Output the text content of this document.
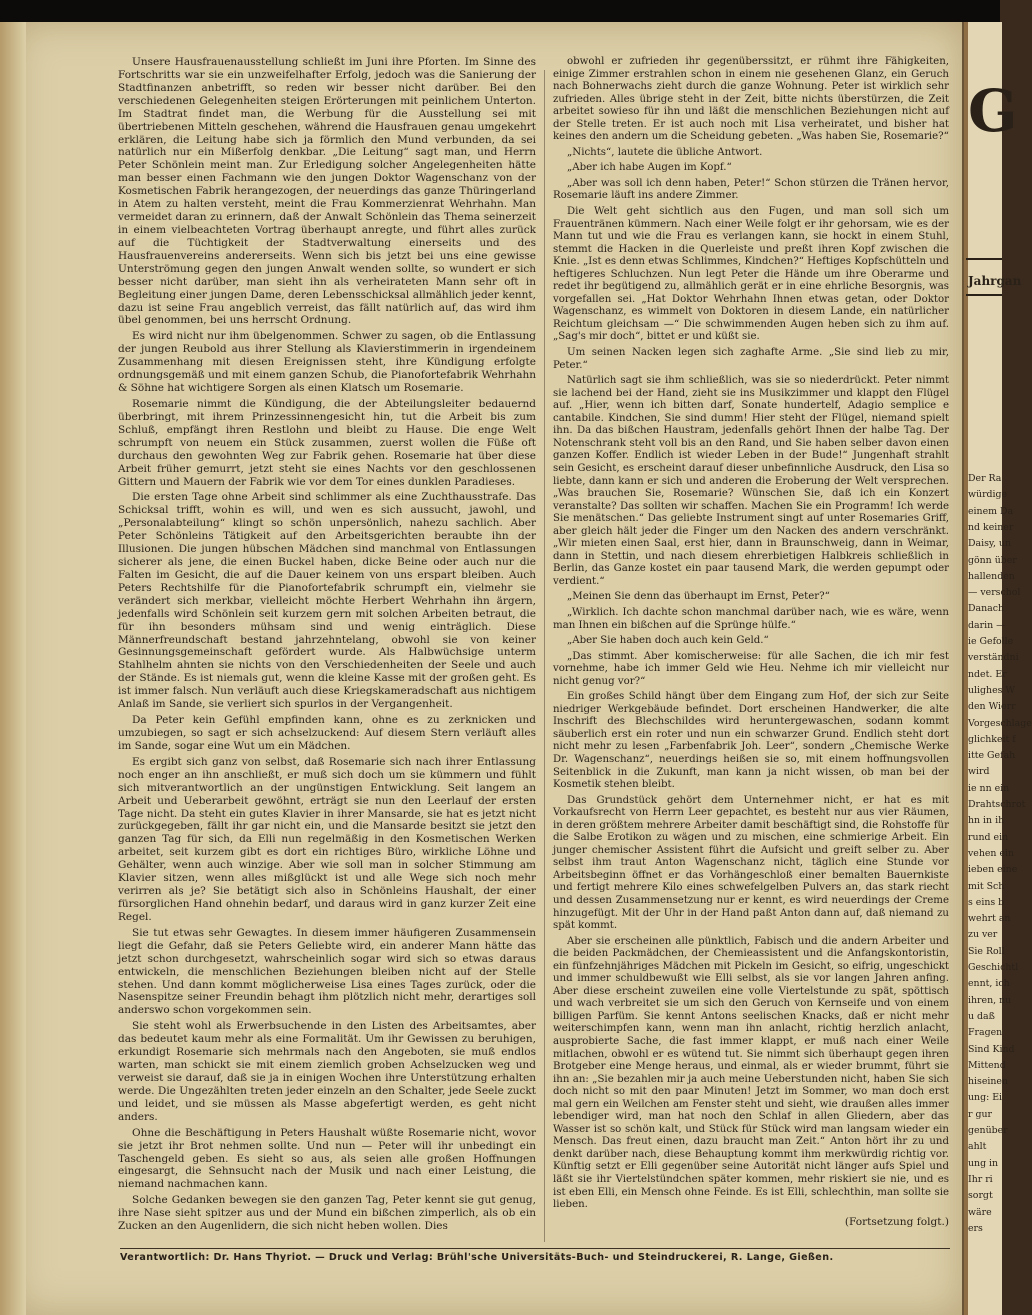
Unsere Hausfrauenausstellung schließt im Juni ihre Pforten. Im Sinne des Fortschritts war sie ein unzweifelhafter Erfolg, jedoch was die Sanierung der Stadtfinanzen anbetrifft, so reden wir besser nicht darüber. Bei den verschiedenen Gelegenheiten steigen Erörterungen mit peinlichem Unterton. Im Stadtrat findet man, die Werbung für die Ausstellung sei mit übertriebenen Mitteln geschehen, während die Hausfrauen genau umgekehrt erklären, die Leitung habe sich ja förmlich den Mund verbunden, da sei natürlich nur ein Mißerfolg denkbar. „Die Leitung“ sagt man, und Herrn Peter Schönlein meint man. Zur Erledigung solcher Angelegenheiten hätte man besser einen Fachmann wie den jungen Doktor Wagenschanz von der Kosmetischen Fabrik herangezogen, der neuerdings das ganze Thüringerland in Atem zu halten versteht, meint die Frau Kommerzienrat Wehrhahn. Man vermeidet daran zu erinnern, daß der Anwalt Schönlein das Thema seinerzeit in einem vielbeachteten Vortrag überhaupt anregte, und führt alles zurück auf die Tüchtigkeit der Stadtverwaltung einerseits und des Hausfrauenvereins andererseits. Wenn sich bis jetzt bei uns eine gewisse Unterströmung gegen den jungen Anwalt wenden sollte, so wundert er sich besser nicht darüber, man sieht ihn als verheirateten Mann sehr oft in Begleitung einer jungen Dame, deren Lebensschicksal allmählich jeder kennt, dazu ist seine Frau angeblich verreist, das fällt natürlich auf, das wird ihm übel genommen, bei uns herrscht Ordnung.

Es wird nicht nur ihm übelgenommen. Schwer zu sagen, ob die Entlassung der jungen Reubold aus ihrer Stellung als Klavierstimmerin in irgendeinem Zusammenhang mit diesen Ereignissen steht, ihre Kündigung erfolgte ordnungsgemäß und mit einem ganzen Schub, die Pianofortefabrik Wehrhahn & Söhne hat wichtigere Sorgen als einen Klatsch um Rosemarie.

Rosemarie nimmt die Kündigung, die der Abteilungsleiter bedauernd überbringt, mit ihrem Prinzessinnengesicht hin, tut die Arbeit bis zum Schluß, empfängt ihren Restlohn und bleibt zu Hause. Die enge Welt schrumpft von neuem ein Stück zusammen, zuerst wollen die Füße oft durchaus den gewohnten Weg zur Fabrik gehen. Rosemarie hat über diese Arbeit früher gemurrt, jetzt steht sie eines Nachts vor den geschlossenen Gittern und Mauern der Fabrik wie vor dem Tor eines dunklen Paradieses.

Die ersten Tage ohne Arbeit sind schlimmer als eine Zuchthausstrafe. Das Schicksal trifft, wohin es will, und wen es sich aussucht, jawohl, und „Personalabteilung“ klingt so schön unpersönlich, nahezu sachlich. Aber Peter Schönleins Tätigkeit auf den Arbeitsgerichten beraubte ihn der Illusionen. Die jungen hübschen Mädchen sind manchmal von Entlassungen sicherer als jene, die einen Buckel haben, dicke Beine oder auch nur die Falten im Gesicht, die auf die Dauer keinem von uns erspart bleiben. Auch Peters Rechtshilfe für die Pianofortefabrik schrumpft ein, vielmehr sie verändert sich merkbar, vielleicht möchte Herbert Wehrhahn ihn ärgern, jedenfalls wird Schönlein seit kurzem gern mit solchen Arbeiten betraut, die für ihn besonders mühsam sind und wenig einträglich. Diese Männerfreundschaft bestand jahrzehntelang, obwohl sie von keiner Gesinnungsgemeinschaft gefördert wurde. Als Halbwüchsige unterm Stahlhelm ahnten sie nichts von den Verschiedenheiten der Seele und auch der Stände. Es ist niemals gut, wenn die kleine Kasse mit der großen geht. Es ist immer falsch. Nun verläuft auch diese Kriegskameradschaft aus nichtigem Anlaß im Sande, sie verliert sich spurlos in der Vergangenheit.

Da Peter kein Gefühl empfinden kann, ohne es zu zerknicken und umzubiegen, so sagt er sich achselzuckend: Auf diesem Stern verläuft alles im Sande, sogar eine Wut um ein Mädchen.

Es ergibt sich ganz von selbst, daß Rosemarie sich nach ihrer Entlassung noch enger an ihn anschließt, er muß sich doch um sie kümmern und fühlt sich mitverantwortlich an der ungünstigen Entwicklung. Seit langem an Arbeit und Ueberarbeit gewöhnt, erträgt sie nun den Leerlauf der ersten Tage nicht. Da steht ein gutes Klavier in ihrer Mansarde, sie hat es jetzt nicht zurückgegeben, fällt ihr gar nicht ein, und die Mansarde besitzt sie jetzt den ganzen Tag für sich, da Elli nun regelmäßig in den Kosmetischen Werken arbeitet, seit kurzem gibt es dort ein richtiges Büro, wirkliche Löhne und Gehälter, wenn auch winzige. Aber wie soll man in solcher Stimmung am Klavier sitzen, wenn alles mißglückt ist und alle Wege sich noch mehr verirren als je? Sie betätigt sich also in Schönleins Haushalt, der einer fürsorglichen Hand ohnehin bedarf, und daraus wird in ganz kurzer Zeit eine Regel.

Sie tut etwas sehr Gewagtes. In diesem immer häufigeren Zusammensein liegt die Gefahr, daß sie Peters Geliebte wird, ein anderer Mann hätte das jetzt schon durchgesetzt, wahrscheinlich sogar wird sich so etwas daraus entwickeln, die menschlichen Beziehungen bleiben nicht auf der Stelle stehen. Und dann kommt möglicherweise Lisa eines Tages zurück, oder die Nasenspitze seiner Freundin behagt ihm plötzlich nicht mehr, derartiges soll anderswo schon vorgekommen sein.

Sie steht wohl als Erwerbsuchende in den Listen des Arbeitsamtes, aber das bedeutet kaum mehr als eine Formalität. Um ihr Gewissen zu beruhigen, erkundigt Rosemarie sich mehrmals nach den Angeboten, sie muß endlos warten, man schickt sie mit einem ziemlich groben Achselzucken weg und verweist sie darauf, daß sie ja in einigen Wochen ihre Unterstützung erhalten werde. Die Ungezählten treten jeder einzeln an den Schalter, jede Seele zuckt und leidet, und sie müssen als Masse abgefertigt werden, es geht nicht anders.

Ohne die Beschäftigung in Peters Haushalt wüßte Rosemarie nicht, wovor sie jetzt ihr Brot nehmen sollte. Und nun — Peter will ihr unbedingt ein Taschengeld geben. Es sieht so aus, als seien alle großen Hoffnungen eingesargt, die Sehnsucht nach der Musik und nach einer Leistung, die niemand nachmachen kann.

Solche Gedanken bewegen sie den ganzen Tag, Peter kennt sie gut genug, ihre Nase sieht spitzer aus und der Mund ein bißchen zimperlich, als ob ein Zucken an den Augenlidern, die sich nicht heben wollen. Dies

obwohl er zufrieden ihr gegenüberssitzt, er rühmt ihre Fähigkeiten, einige Zimmer erstrahlen schon in einem nie gesehenen Glanz, ein Geruch nach Bohnerwachs zieht durch die ganze Wohnung. Peter ist wirklich sehr zufrieden. Alles übrige steht in der Zeit, bitte nichts überstürzen, die Zeit arbeitet sowieso für ihn und läßt die menschlichen Beziehungen nicht auf der Stelle treten. Er ist auch noch mit Lisa verheiratet, und bisher hat keines den andern um die Scheidung gebeten. „Was haben Sie, Rosemarie?“

„Nichts“, lautete die übliche Antwort.

„Aber ich habe Augen im Kopf.“

„Aber was soll ich denn haben, Peter!“ Schon stürzen die Tränen hervor, Rosemarie läuft ins andere Zimmer.

Die Welt geht sichtlich aus den Fugen, und man soll sich um Frauentränen kümmern. Nach einer Weile folgt er ihr gehorsam, wie es der Mann tut und wie die Frau es verlangen kann, sie hockt in einem Stuhl, stemmt die Hacken in die Querleiste und preßt ihren Kopf zwischen die Knie. „Ist es denn etwas Schlimmes, Kindchen?“ Heftiges Kopfschütteln und heftigeres Schluchzen. Nun legt Peter die Hände um ihre Oberarme und redet ihr begütigend zu, allmählich gerät er in eine ehrliche Besorgnis, was vorgefallen sei. „Hat Doktor Wehrhahn Ihnen etwas getan, oder Doktor Wagenschanz, es wimmelt von Doktoren in diesem Lande, ein natürlicher Reichtum gleichsam —“ Die schwimmenden Augen heben sich zu ihm auf. „Sag's mir doch“, bittet er und küßt sie.

Um seinen Nacken legen sich zaghafte Arme. „Sie sind lieb zu mir, Peter.“

Natürlich sagt sie ihm schließlich, was sie so niederdrückt. Peter nimmt sie lachend bei der Hand, zieht sie ins Musikzimmer und klappt den Flügel auf. „Hier, wenn ich bitten darf, Sonate hundertelf, Adagio semplice e cantabile. Kindchen, Sie sind dumm! Hier steht der Flügel, niemand spielt ihn. Da das bißchen Haustram, jedenfalls gehört Ihnen der halbe Tag. Der Notenschrank steht voll bis an den Rand, und Sie haben selber davon einen ganzen Koffer. Endlich ist wieder Leben in der Bude!“ Jungenhaft strahlt sein Gesicht, es erscheint darauf dieser unbefinnliche Ausdruck, den Lisa so liebte, dann kann er sich und anderen die Eroberung der Welt versprechen. „Was brauchen Sie, Rosemarie? Wünschen Sie, daß ich ein Konzert veranstalte? Das sollten wir schaffen. Machen Sie ein Programm! Ich werde Sie menätschen.“ Das geliebte Instrument singt auf unter Rosemaries Griff, aber gleich hält jeder die Finger um den Nacken des andern verschränkt. „Wir mieten einen Saal, erst hier, dann in Braunschweig, dann in Weimar, dann in Stettin, und nach diesem ehrerbietigen Halbkreis schließlich in Berlin, das Ganze kostet ein paar tausend Mark, die werden gepumpt oder verdient.“

„Meinen Sie denn das überhaupt im Ernst, Peter?“

„Wirklich. Ich dachte schon manchmal darüber nach, wie es wäre, wenn man Ihnen ein bißchen auf die Sprünge hülfe.“

„Aber Sie haben doch auch kein Geld.“

„Das stimmt. Aber komischerweise: für alle Sachen, die ich mir fest vornehme, habe ich immer Geld wie Heu. Nehme ich mir vielleicht nur nicht genug vor?“

Ein großes Schild hängt über dem Eingang zum Hof, der sich zur Seite niedriger Werkgebäude befindet. Dort erscheinen Handwerker, die alte Inschrift des Blechschildes wird heruntergewaschen, sodann kommt säuberlich erst ein roter und nun ein schwarzer Grund. Endlich steht dort nicht mehr zu lesen „Farbenfabrik Joh. Leer“, sondern „Chemische Werke Dr. Wagenschanz“, neuerdings heißen sie so, mit einem hoffnungsvollen Seitenblick in die Zukunft, man kann ja nicht wissen, ob man bei der Kosmetik stehen bleibt.

Das Grundstück gehört dem Unternehmer nicht, er hat es mit Vorkaufsrecht von Herrn Leer gepachtet, es besteht nur aus vier Räumen, in deren größtem mehrere Arbeiter damit beschäftigt sind, die Rohstoffe für die Salbe Erotikon zu wägen und zu mischen, eine schmierige Arbeit. Ein junger chemischer Assistent führt die Aufsicht und greift selber zu. Aber selbst ihm traut Anton Wagenschanz nicht, täglich eine Stunde vor Arbeitsbeginn öffnet er das Vorhängeschloß einer bemalten Bauernkiste und fertigt mehrere Kilo eines schwefelgelben Pulvers an, das stark riecht und dessen Zusammensetzung nur er kennt, es wird neuerdings der Creme hinzugefügt. Mit der Uhr in der Hand paßt Anton dann auf, daß niemand zu spät kommt.

Aber sie erscheinen alle pünktlich, Fabisch und die andern Arbeiter und die beiden Packmädchen, der Chemieassistent und die Anfangskontoristin, ein fünfzehnjähriges Mädchen mit Pickeln im Gesicht, so eifrig, ungeschickt und immer schuldbewußt wie Elli selbst, als sie vor langen Jahren anfing. Aber diese erscheint zuweilen eine volle Viertelstunde zu spät, spöttisch und wach verbreitet sie um sich den Geruch von Kernseife und von einem billigen Parfüm. Sie kennt Antons seelischen Knacks, daß er nicht mehr weiterschimpfen kann, wenn man ihn anlacht, richtig herzlich anlacht, ausprobierte Sache, die fast immer klappt, er muß nach einer Weile mitlachen, obwohl er es wütend tut. Sie nimmt sich überhaupt gegen ihren Brotgeber eine Menge heraus, und einmal, als er wieder brummt, führt sie ihn an: „Sie bezahlen mir ja auch meine Ueberstunden nicht, haben Sie sich doch nicht so mit den paar Minuten! Jetzt im Sommer, wo man doch erst mal gern ein Weilchen am Fenster steht und sieht, wie draußen alles immer lebendiger wird, man hat noch den Schlaf in allen Gliedern, aber das Wasser ist so schön kalt, und Stück für Stück wird man langsam wieder ein Mensch. Das freut einen, dazu braucht man Zeit.“ Anton hört ihr zu und denkt darüber nach, diese Behauptung kommt ihm merkwürdig richtig vor. Künftig setzt er Elli gegenüber seine Autorität nicht länger aufs Spiel und läßt sie ihr Viertelstündchen später kommen, mehr riskiert sie nie, und es ist eben Elli, ein Mensch ohne Feinde. Es ist Elli, schlechthin, man sollte sie lieben.

(Fortsetzung folgt.)
Verantwortlich: Dr. Hans Thyriot. — Druck und Verlag: Brühl'sche Universitäts-Buch- und Steindruckerei, R. Lange, Gießen.
G
Jahrgan
Der Ra
würdige
einem Da
nd keiner
Daisy, un
gönn über
hallenden
— verschol
Danach
darin —
ie Gefolle
verständni
ndet. Er
ulighes W
den Wierr
Vorgeschlage
glichkeit f
itte Gefah
wird
ie nn ein
Drahtschrot
hn in ih
rund ein
vehen ein
ieben eine
mit Sch
s eins b
wehrt an
zu ver
Sie Roll
Geschichtl
ennt, ich
ihren, nu
u daß
Fragen
Sind Kind
Mittend
hiseinen
ung: Ei
r gur
genüber
ahlt
ung in
Ihr ri
sorgt
wäre
ers
